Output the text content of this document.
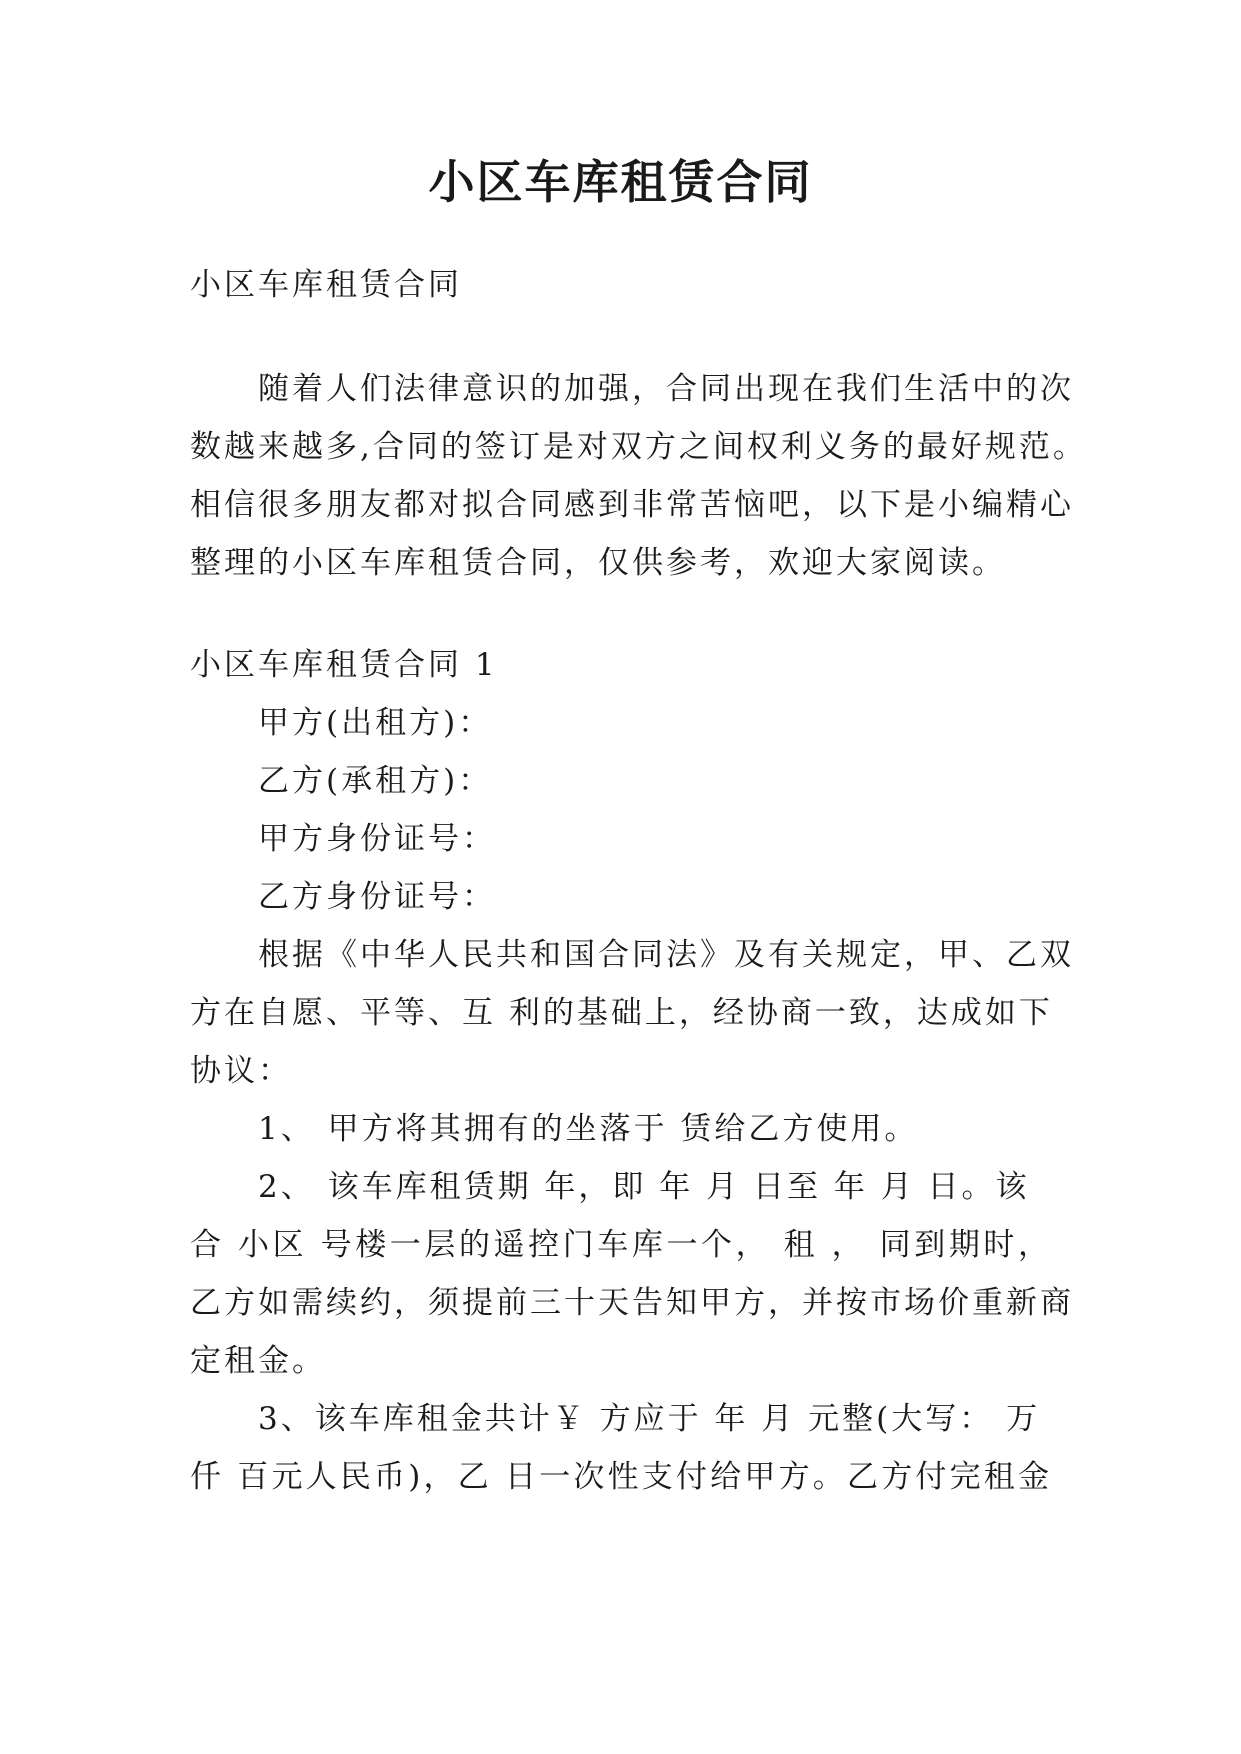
小区车库租赁合同
小区车库租赁合同
随着人们法律意识的加强，合同出现在我们生活中的次
数越来越多,合同的签订是对双方之间权利义务的最好规范。
相信很多朋友都对拟合同感到非常苦恼吧，以下是小编精心
整理的小区车库租赁合同，仅供参考，欢迎大家阅读。
小区车库租赁合同 1
甲方(出租方)：
乙方(承租方)：
甲方身份证号：
乙方身份证号：
根据《中华人民共和国合同法》及有关规定，甲、乙双
方在自愿、平等、互 利的基础上，经协商一致，达成如下
协议：
1、 甲方将其拥有的坐落于 赁给乙方使用。
2、 该车库租赁期 年，即 年 月 日至 年 月 日。该
合 小区 号楼一层的遥控门车库一个， 租 ， 同到期时，
乙方如需续约，须提前三十天告知甲方，并按市场价重新商
定租金。
3、该车库租金共计￥ 方应于 年 月 元整(大写： 万
仟 百元人民币)，乙 日一次性支付给甲方。乙方付完租金
